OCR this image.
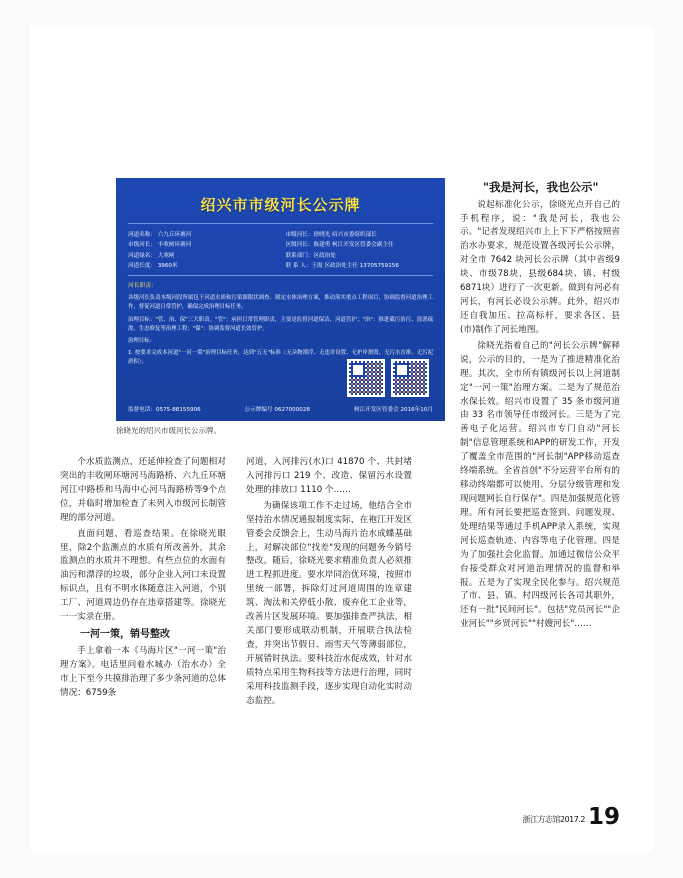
绍兴市市级河长公示牌
河道名称： 六九丘环塘河
市级河长： 丰收闸环塘河
河道绿名： 大寒闸
河道长度： 3960米
市级河长：徐晓光 绍兴市委组织部长
区级河长：陈建勇 柯江开发区管委会副主任
联系部门：区政治处
联 系 人：王霞 区政治处主任 13705759156
河长职责：

各级河长负责本级河段所属包干河道水质和污染源限状调查、制定水体治理方案，推动落实重点工程项目，协调监督河道治理工作，督促河道日常管护，确保完成治理目标任务。

治理目标："管、治、保"三大职责。"管"：承担日常管理职责，主要是监督河道保洁、河道管护；"治"：推进截污治污、清淤疏浚、生态修复等治理工程；"保"：协调监督河道长效管护。

治理目标：

1. 按要求完成本河道"一河一策"治理目标任务，达到"五无"标准（无杂物漂浮、无违章设置、无护岸损毁、无污水直排、无污泥淤积）；

监督电话：0575-88155906	公示牌编号 0627000028	柯江开发区管委会 2016年10月
徐晓光的绍兴市级河长公示牌。

个水质监测点，还延伸检查了问题相对突出的丰收闸环塘河马海路桥、六九丘环塘河江中路桥和马海中心河马海路桥等9个点位，并临时增加检查了未列入市级河长制管理的部分河道。

直面问题，看巡查结果。在徐晓光眼里，除2个监测点的水质有所改善外，其余监测点的水质并不理想。有些点位的水面有油污和漂浮的垃圾，部分企业入河口未设置标识点，且有不明水体随意注入河道，个别工厂、河道周边仍存在违章搭建等。徐晓光一一实录在册。

一河一策，销号整改

手上拿着一本《马海片区"一河一策"治理方案》。电话里问着水城办（治水办）全市上下至今共摸排治理了多少条河道的总体情况：6759条

河道，入河排污(水)口 41870 个、共封堵入河排污口 219 个、改造、保留污水设置处理的排放口 1110 个……

为确保该项工作不走过场，他结合全市坚持治水情况通报制度实际，在袍江开发区管委会反馈会上，生动马海片治水成蝶基础上，对解决部位"找差"发现的问题务今销号整改。随后，徐晓光要求精准负责人必须推进工程抓进度。要水岸同治优环境，按照市里统一部署，拆除灯过河道周围的连章建筑、淘汰和关停低小散、废弃化工企业等，改善片区发展环境。要加强排查严执法，相关部门要形成联动机制，开展联合执法检查，并突出节假日、雨雪天气等薄弱部位，开展错时执法。要科技治水促成效，针对水质特点采用生物科技等方法进行治理，同时采用科技监测手段，逐步实现自动化实时动态监控。

"我是河长，我也公示"

说起标准化公示，徐晓光点开自己的手机程序，说："我是河长，我也公示。"记者发现绍兴市上上下下严格按照省治水办要求，规范设置各级河长公示牌，对全市 7642 块河长公示牌（其中省级9块、市级78块，县级684块、镇、村级6871块）进行了一次更新。做到有河必有河长，有河长必设公示牌。此外，绍兴市还自我加压、拉高标杆，要求各区、县(市)制作了河长地图。

徐晓光指着自己的"河长公示牌"解释说，公示的目的，一是为了推进精准化治理。其次，全市所有镇级河长以上河道制定"一河一策"治理方案。二是为了规范治水保长效。绍兴市设置了 35 条市级河道由 33 名市领导任市级河长。三是为了完善电子化运营。绍兴市专门自动"河长制"信息管理系统和APP的研发工作，开发了覆盖全市范围的"河长制"APP移动巡查终端系统。全省首创"不分运营平台所有的移动终端都可以使用、分层分级管理和发现问题网长自行保存"。四是加强规范化管理。所有河长要把巡查签到、问题发现、处理结果等通过手机APP录入系统，实现河长巡查轨迹、内容等电子化管理。四是为了加强社会化监督。加通过微信公众平台接受群众对河道治理情况的监督和举报。五是为了实现全民化参与。绍兴规范了市、县、镇、村四级河长各司其职外，还有一批"民间河长"。包括"党员河长""企业河长""乡贤河长""村嫂河长"……

浙江方志馆2017.2 19
